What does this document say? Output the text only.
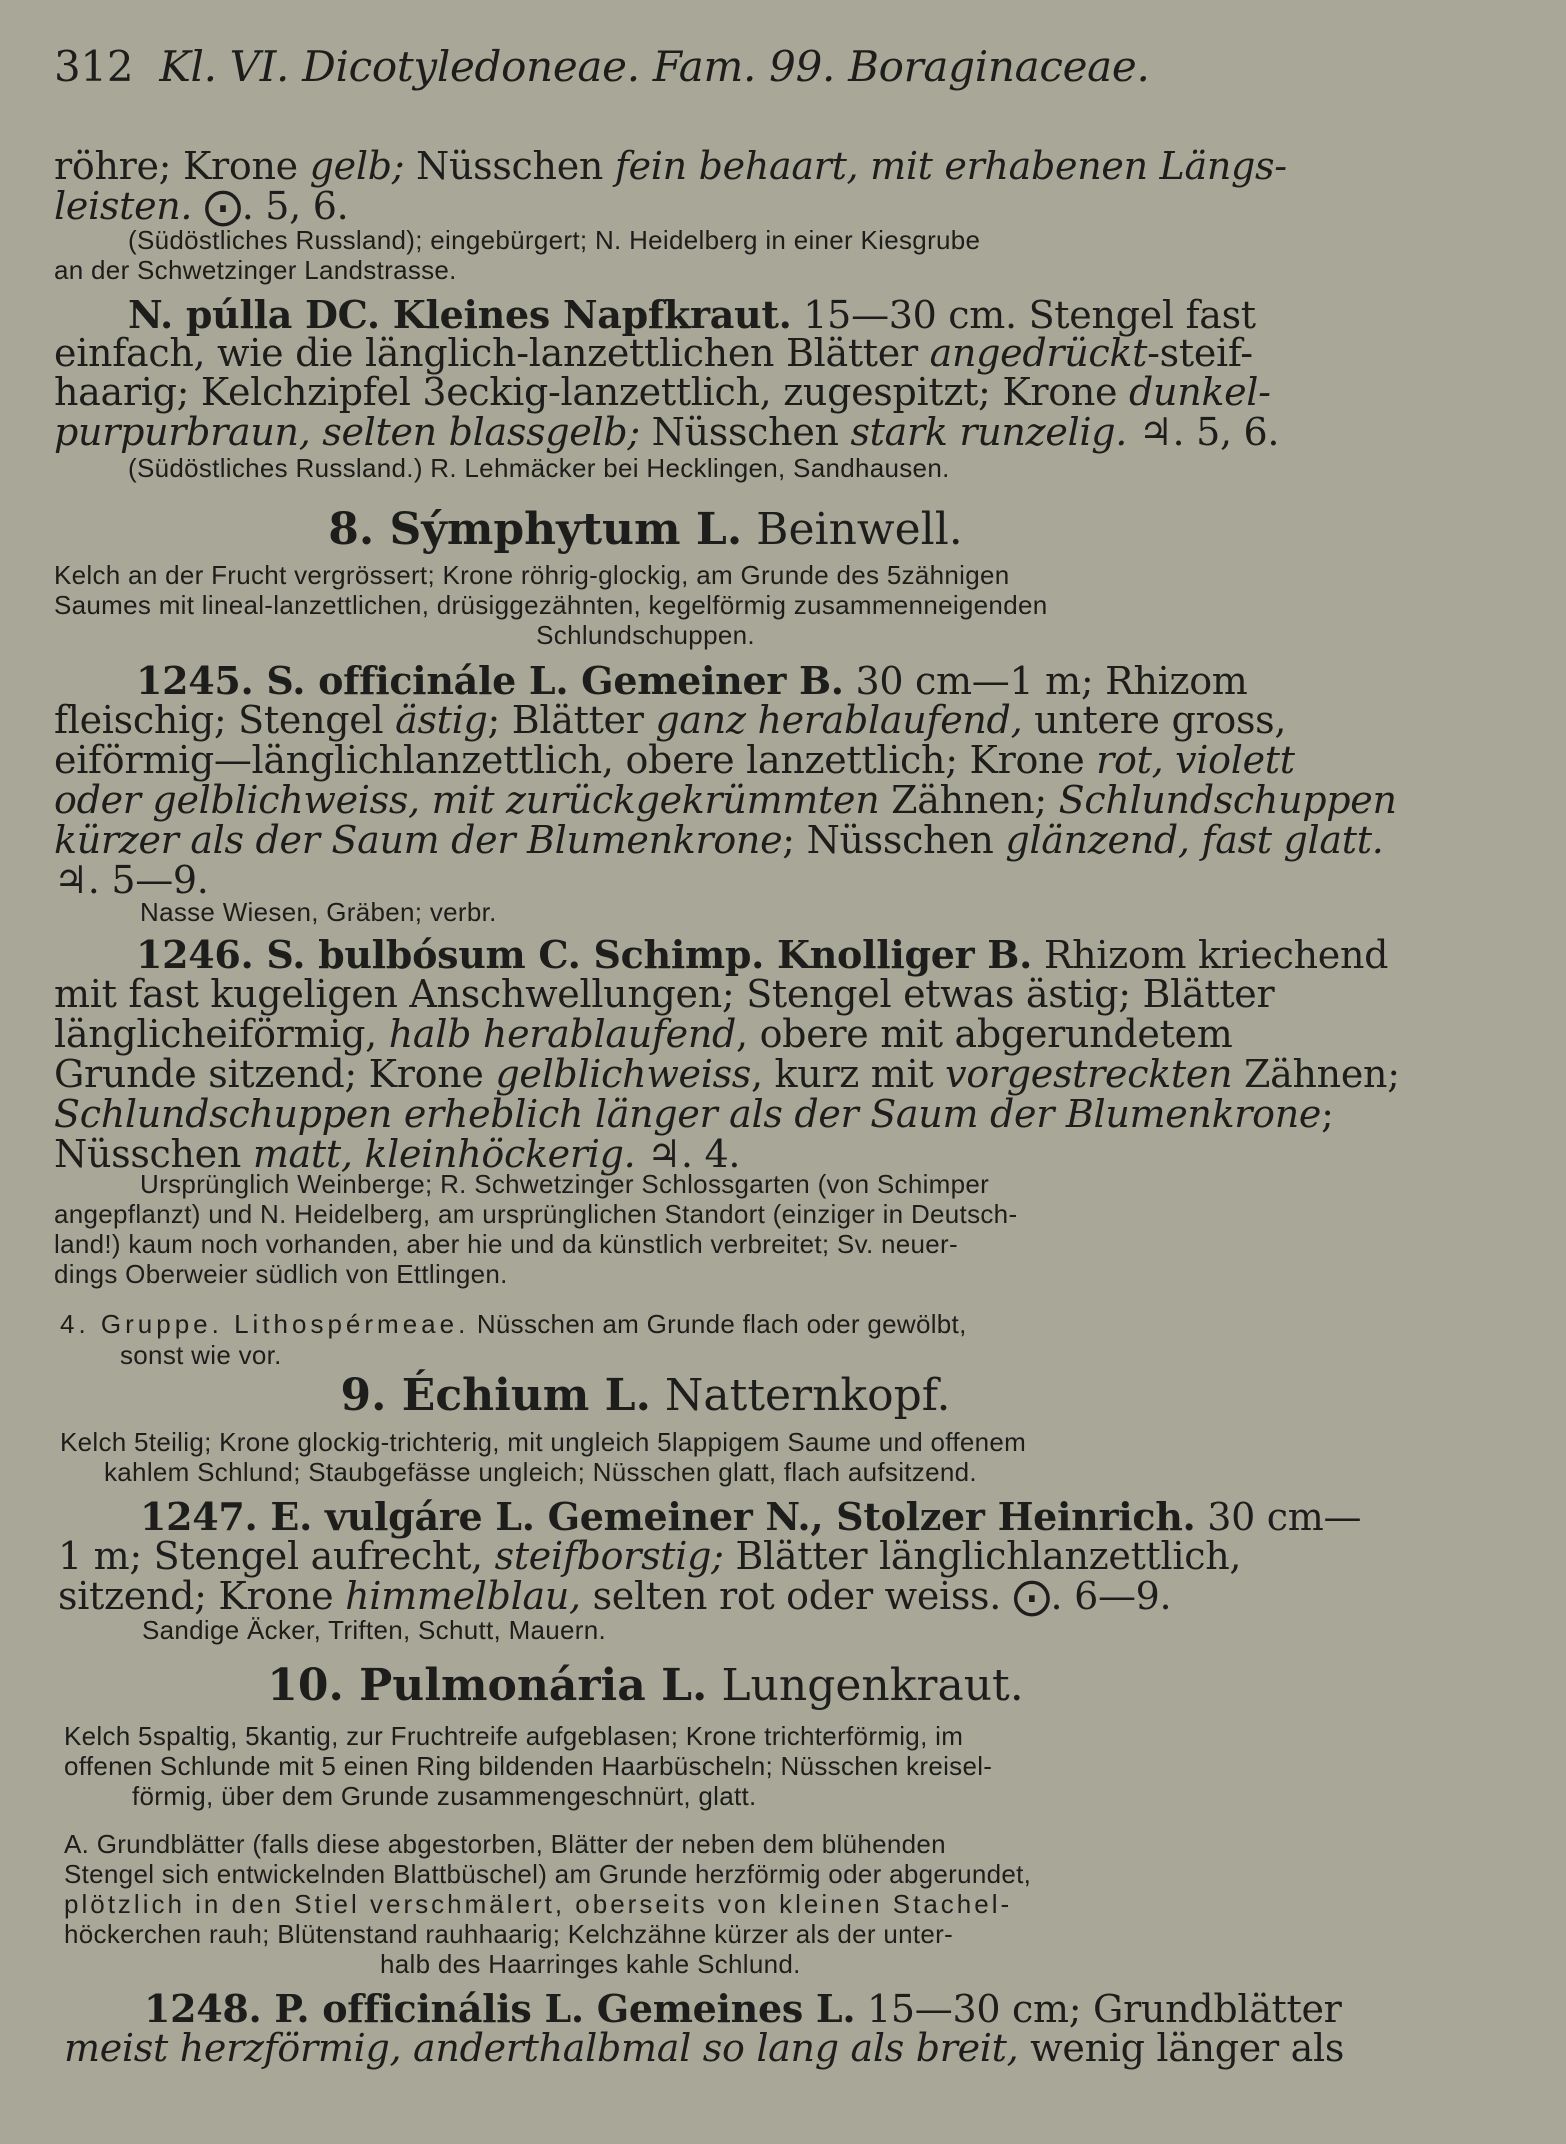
312 Kl. VI. Dicotyledoneae. Fam. 99. Boraginaceae.
röhre; Krone gelb; Nüsschen fein behaart, mit erhabenen Längs-
leisten. ⨀. 5, 6.
(Südöstliches Russland); eingebürgert; N. Heidelberg in einer Kiesgrube
an der Schwetzinger Landstrasse.
N. púlla DC. Kleines Napfkraut. 15—30 cm. Stengel fast
einfach, wie die länglich-lanzettlichen Blätter angedrückt-steif-
haarig; Kelchzipfel 3eckig-lanzettlich, zugespitzt; Krone dunkel-
purpurbraun, selten blassgelb; Nüsschen stark runzelig. ♃. 5, 6.
(Südöstliches Russland.) R. Lehmäcker bei Hecklingen, Sandhausen.
8. Sýmphytum L. Beinwell.
Kelch an der Frucht vergrössert; Krone röhrig-glockig, am Grunde des 5zähnigen
Saumes mit lineal-lanzettlichen, drüsiggezähnten, kegelförmig zusammenneigenden
Schlundschuppen.
1245. S. officinále L. Gemeiner B. 30 cm—1 m; Rhizom
fleischig; Stengel ästig; Blätter ganz herablaufend, untere gross,
eiförmig—länglichlanzettlich, obere lanzettlich; Krone rot, violett
oder gelblichweiss, mit zurückgekrümmten Zähnen; Schlundschuppen
kürzer als der Saum der Blumenkrone; Nüsschen glänzend, fast glatt.
♃. 5—9.
Nasse Wiesen, Gräben; verbr.
1246. S. bulbósum C. Schimp. Knolliger B. Rhizom kriechend
mit fast kugeligen Anschwellungen; Stengel etwas ästig; Blätter
länglicheiförmig, halb herablaufend, obere mit abgerundetem
Grunde sitzend; Krone gelblichweiss, kurz mit vorgestreckten Zähnen;
Schlundschuppen erheblich länger als der Saum der Blumenkrone;
Nüsschen matt, kleinhöckerig. ♃. 4.
Ursprünglich Weinberge; R. Schwetzinger Schlossgarten (von Schimper
angepflanzt) und N. Heidelberg, am ursprünglichen Standort (einziger in Deutsch-
land!) kaum noch vorhanden, aber hie und da künstlich verbreitet; Sv. neuer-
dings Oberweier südlich von Ettlingen.
4. Gruppe. Lithospérmeae. Nüsschen am Grunde flach oder gewölbt,
sonst wie vor.
9. Échium L. Natternkopf.
Kelch 5teilig; Krone glockig-trichterig, mit ungleich 5lappigem Saume und offenem
kahlem Schlund; Staubgefässe ungleich; Nüsschen glatt, flach aufsitzend.
1247. E. vulgáre L. Gemeiner N., Stolzer Heinrich. 30 cm—
1 m; Stengel aufrecht, steifborstig; Blätter länglichlanzettlich,
sitzend; Krone himmelblau, selten rot oder weiss. ⨀. 6—9.
Sandige Äcker, Triften, Schutt, Mauern.
10. Pulmonária L. Lungenkraut.
Kelch 5spaltig, 5kantig, zur Fruchtreife aufgeblasen; Krone trichterförmig, im
offenen Schlunde mit 5 einen Ring bildenden Haarbüscheln; Nüsschen kreisel-
förmig, über dem Grunde zusammengeschnürt, glatt.
A. Grundblätter (falls diese abgestorben, Blätter der neben dem blühenden
Stengel sich entwickelnden Blattbüschel) am Grunde herzförmig oder abgerundet,
plötzlich in den Stiel verschmälert, oberseits von kleinen Stachel-
höckerchen rauh; Blütenstand rauhhaarig; Kelchzähne kürzer als der unter-
halb des Haarringes kahle Schlund.
1248. P. officinális L. Gemeines L. 15—30 cm; Grundblätter
meist herzförmig, anderthalbmal so lang als breit, wenig länger als
